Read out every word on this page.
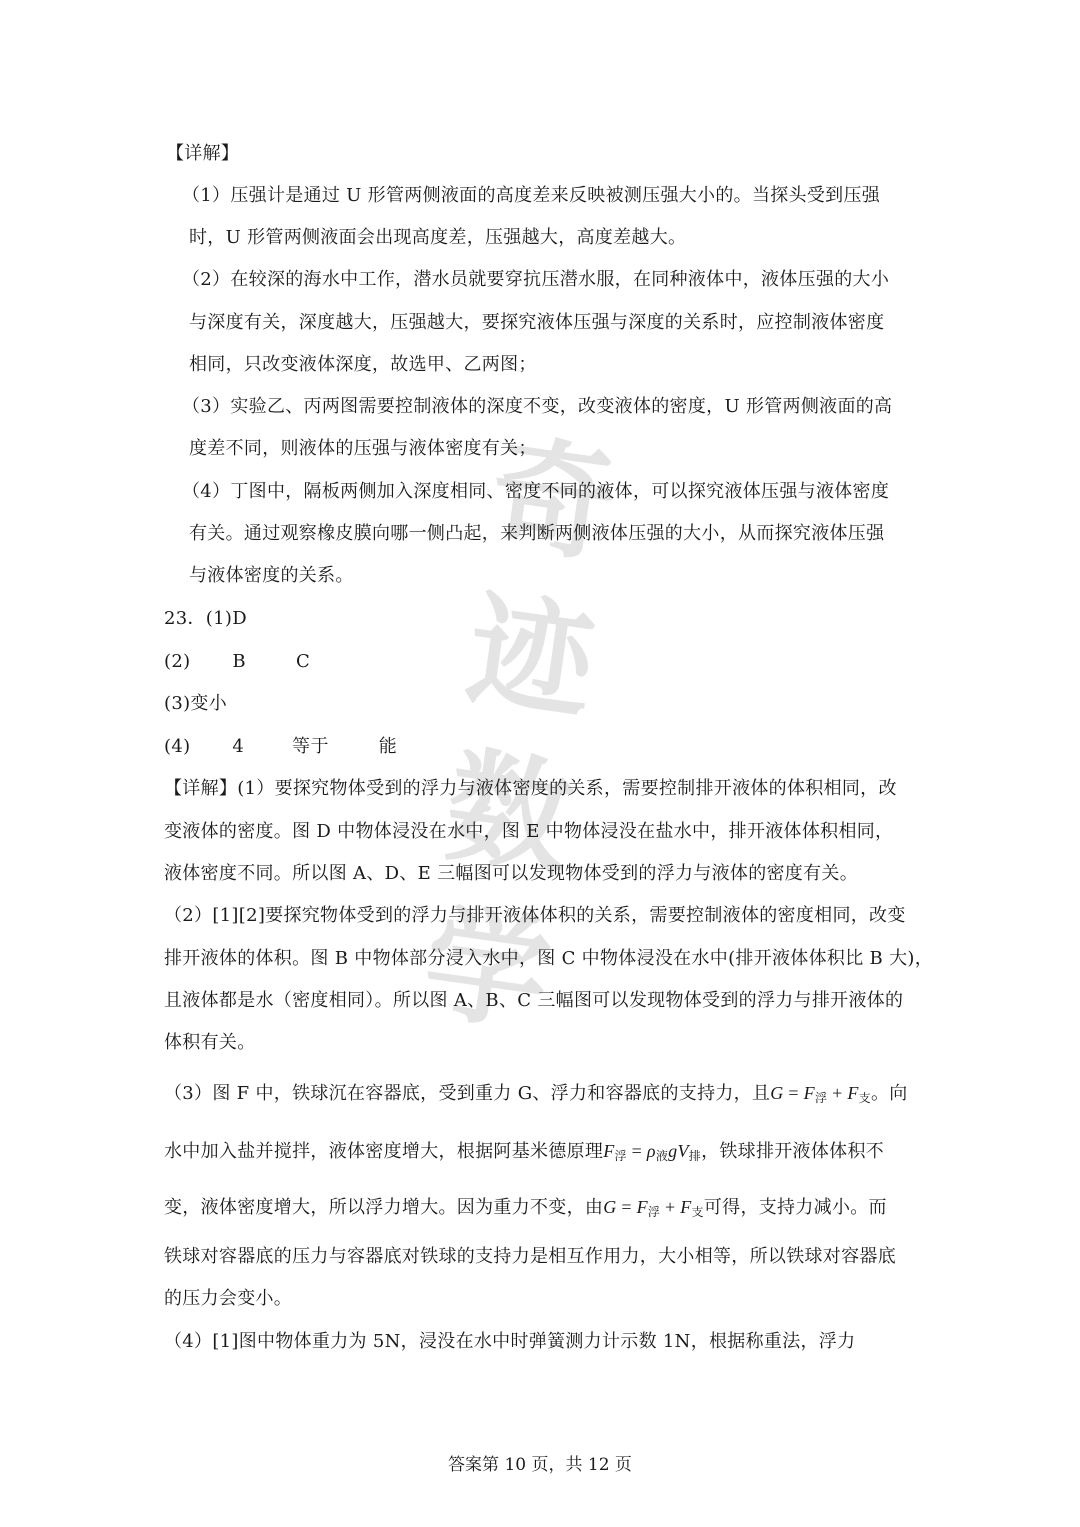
奇迹数学
【详解】
（1）压强计是通过 U 形管两侧液面的高度差来反映被测压强大小的。当探头受到压强
时，U 形管两侧液面会出现高度差，压强越大，高度差越大。
（2）在较深的海水中工作，潜水员就要穿抗压潜水服，在同种液体中，液体压强的大小
与深度有关，深度越大，压强越大，要探究液体压强与深度的关系时，应控制液体密度
相同，只改变液体深度，故选甲、乙两图；
（3）实验乙、丙两图需要控制液体的深度不变，改变液体的密度，U 形管两侧液面的高
度差不同，则液体的压强与液体密度有关；
（4）丁图中，隔板两侧加入深度相同、密度不同的液体，可以探究液体压强与液体密度
有关。通过观察橡皮膜向哪一侧凸起，来判断两侧液体压强的大小，从而探究液体压强
与液体密度的关系。
23．(1)D
(2) B	C
(3)变小
(4) 4	等于	能
【详解】(1）要探究物体受到的浮力与液体密度的关系，需要控制排开液体的体积相同，改
变液体的密度。图 D 中物体浸没在水中，图 E 中物体浸没在盐水中，排开液体体积相同，
液体密度不同。所以图 A、D、E 三幅图可以发现物体受到的浮力与液体的密度有关。
（2）[1][2]要探究物体受到的浮力与排开液体体积的关系，需要控制液体的密度相同，改变
排开液体的体积。图 B 中物体部分浸入水中，图 C 中物体浸没在水中(排开液体体积比 B 大)，
且液体都是水（密度相同）。所以图 A、B、C 三幅图可以发现物体受到的浮力与排开液体的
体积有关。
（3）图 F 中，铁球沉在容器底，受到重力 G、浮力和容器底的支持力，且$G = F_浮 + F_支$。向
水中加入盐并搅拌，液体密度增大，根据阿基米德原理$F_浮 = \rho_液gV_排$，铁球排开液体体积不
变，液体密度增大，所以浮力增大。因为重力不变，由$G = F_浮 + F_支$可得，支持力减小。而
铁球对容器底的压力与容器底对铁球的支持力是相互作用力，大小相等，所以铁球对容器底
的压力会变小。
（4）[1]图中物体重力为 5N，浸没在水中时弹簧测力计示数 1N，根据称重法，浮力
答案第 10 页，共 12 页
